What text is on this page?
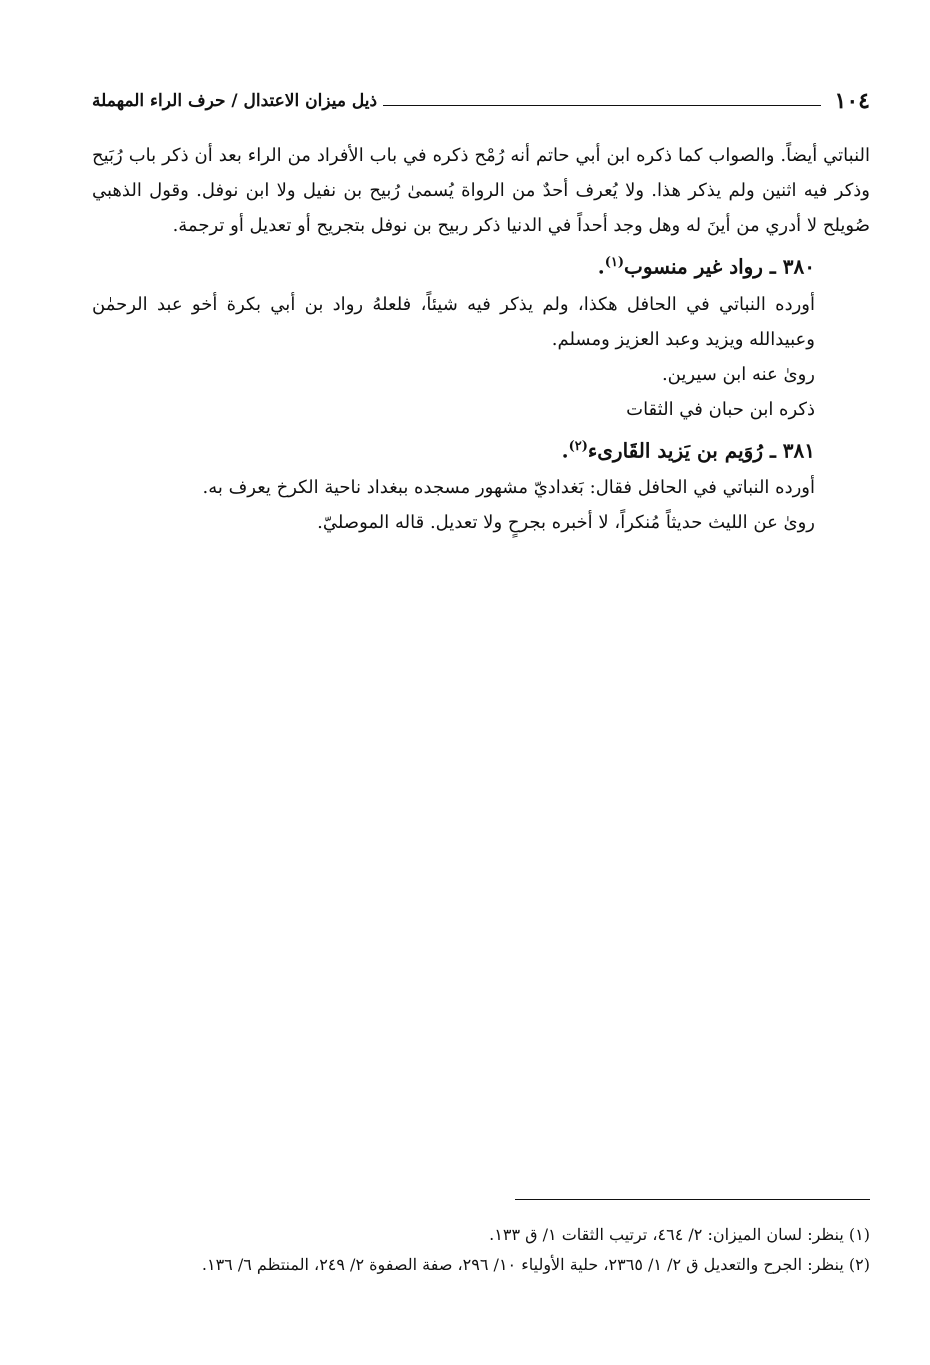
١٠٤
ذيل ميزان الاعتدال / حرف الراء المهملة

النباتي أيضاً. والصواب كما ذكره ابن أبي حاتم أنه رُمْح ذكره في باب الأفراد من الراء بعد أن ذكر باب رُبَيح وذكر فيه اثنين ولم يذكر هذا. ولا يُعرف أحدٌ من الرواة يُسمىٰ رُبيح بن نفيل ولا ابن نوفل. وقول الذهبي صُويلح لا أدري من أينَ له وهل وجد أحداً في الدنيا ذكر ربيح بن نوفل بتجريح أو تعديل أو ترجمة.

٣٨٠ ـ رواد غير منسوب$^{(١)}$.

أورده النباتي في الحافل هكذا، ولم يذكر فيه شيئاً، فلعلهُ رواد بن أبي بكرة أخو عبد الرحمٰن وعبيدالله ويزيد وعبد العزيز ومسلم.

روىٰ عنه ابن سيرين.

ذكره ابن حبان في الثقات

٣٨١ ـ رُوَيم بن يَزيد القَارىء$^{(٢)}$.

أورده النباتي في الحافل فقال: بَغداديّ مشهور مسجده ببغداد ناحية الكرخ يعرف به.

روىٰ عن الليث حديثاً مُنكراً، لا أخبره بجرحٍ ولا تعديل. قاله الموصليّ.

(١) ينظر: لسان الميزان: ٢/ ٤٦٤، ترتيب الثقات ١/ ق ١٣٣.

(٢) ينظر: الجرح والتعديل ق ٢/ ١/ ٢٣٦٥، حلية الأولياء ١٠/ ٢٩٦، صفة الصفوة ٢/ ٢٤٩، المنتظم ٦/ ١٣٦.
